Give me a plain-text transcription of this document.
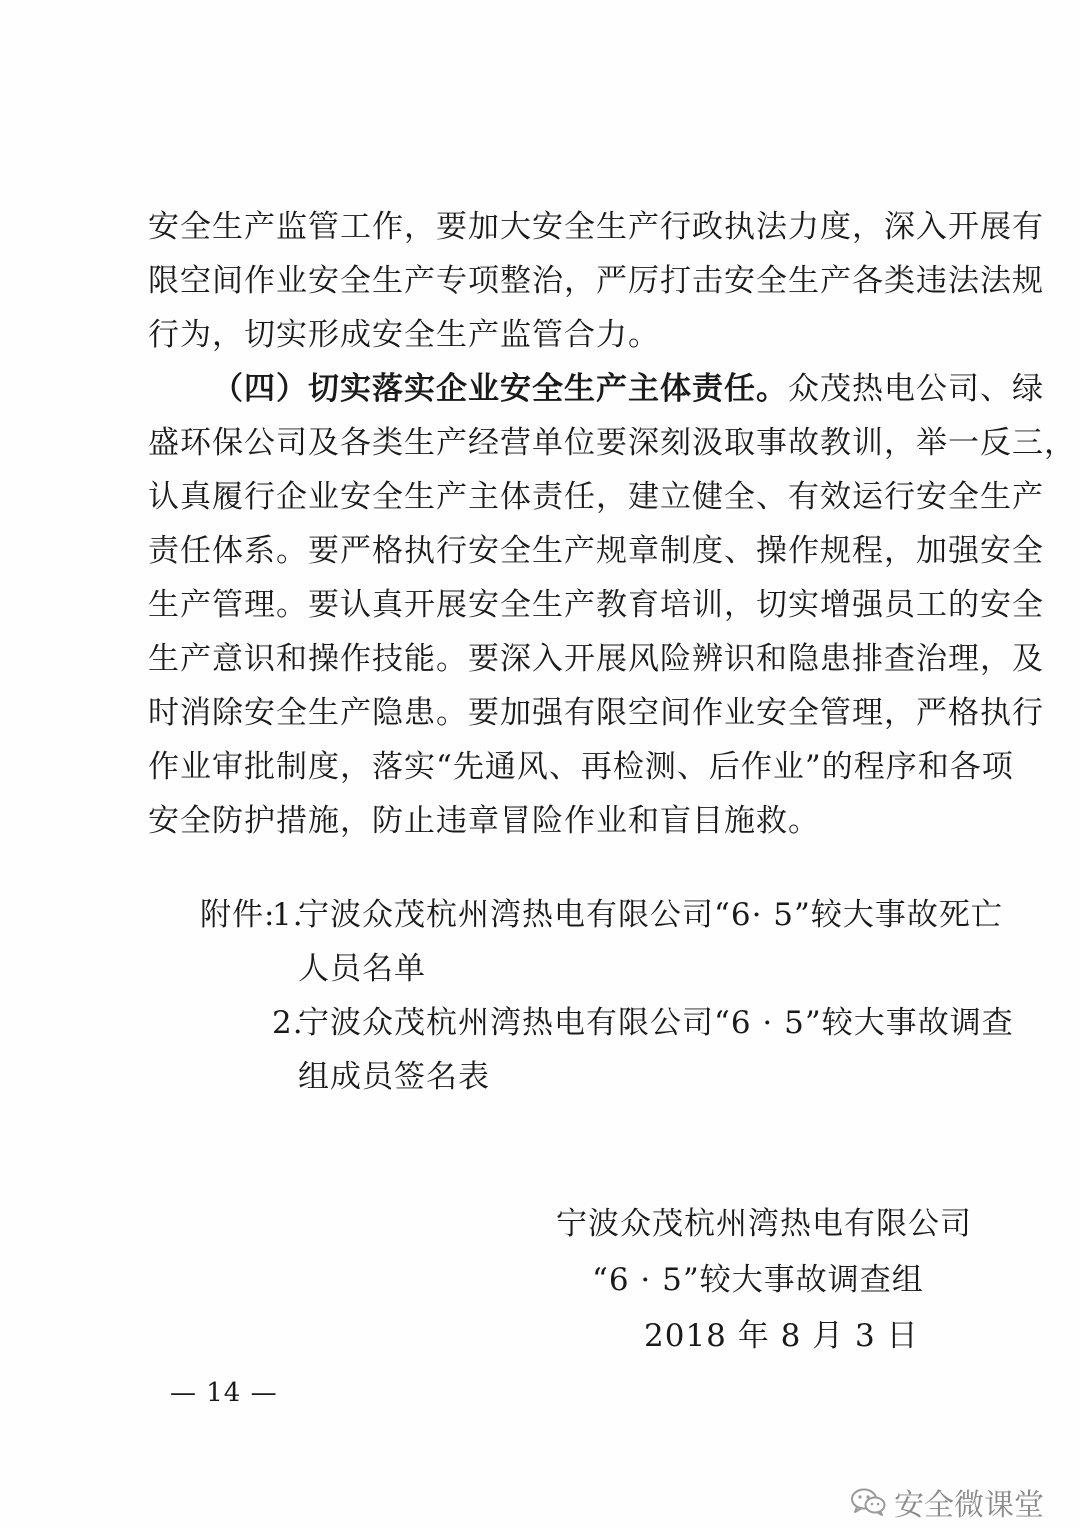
安全生产监管工作，要加大安全生产行政执法力度，深入开展有
限空间作业安全生产专项整治，严厉打击安全生产各类违法法规
行为，切实形成安全生产监管合力。
（四）切实落实企业安全生产主体责任。众茂热电公司、绿
盛环保公司及各类生产经营单位要深刻汲取事故教训，举一反三，
认真履行企业安全生产主体责任，建立健全、有效运行安全生产
责任体系。要严格执行安全生产规章制度、操作规程，加强安全
生产管理。要认真开展安全生产教育培训，切实增强员工的安全
生产意识和操作技能。要深入开展风险辨识和隐患排查治理，及
时消除安全生产隐患。要加强有限空间作业安全管理，严格执行
作业审批制度，落实“先通风、再检测、后作业”的程序和各项
安全防护措施，防止违章冒险作业和盲目施救。
附件:1.宁波众茂杭州湾热电有限公司“6· 5”较大事故死亡
人员名单
2.宁波众茂杭州湾热电有限公司“6 · 5”较大事故调查
组成员签名表
宁波众茂杭州湾热电有限公司
“6 · 5”较大事故调查组
2018 年 8 月 3 日
— 14 —
安全微课堂
